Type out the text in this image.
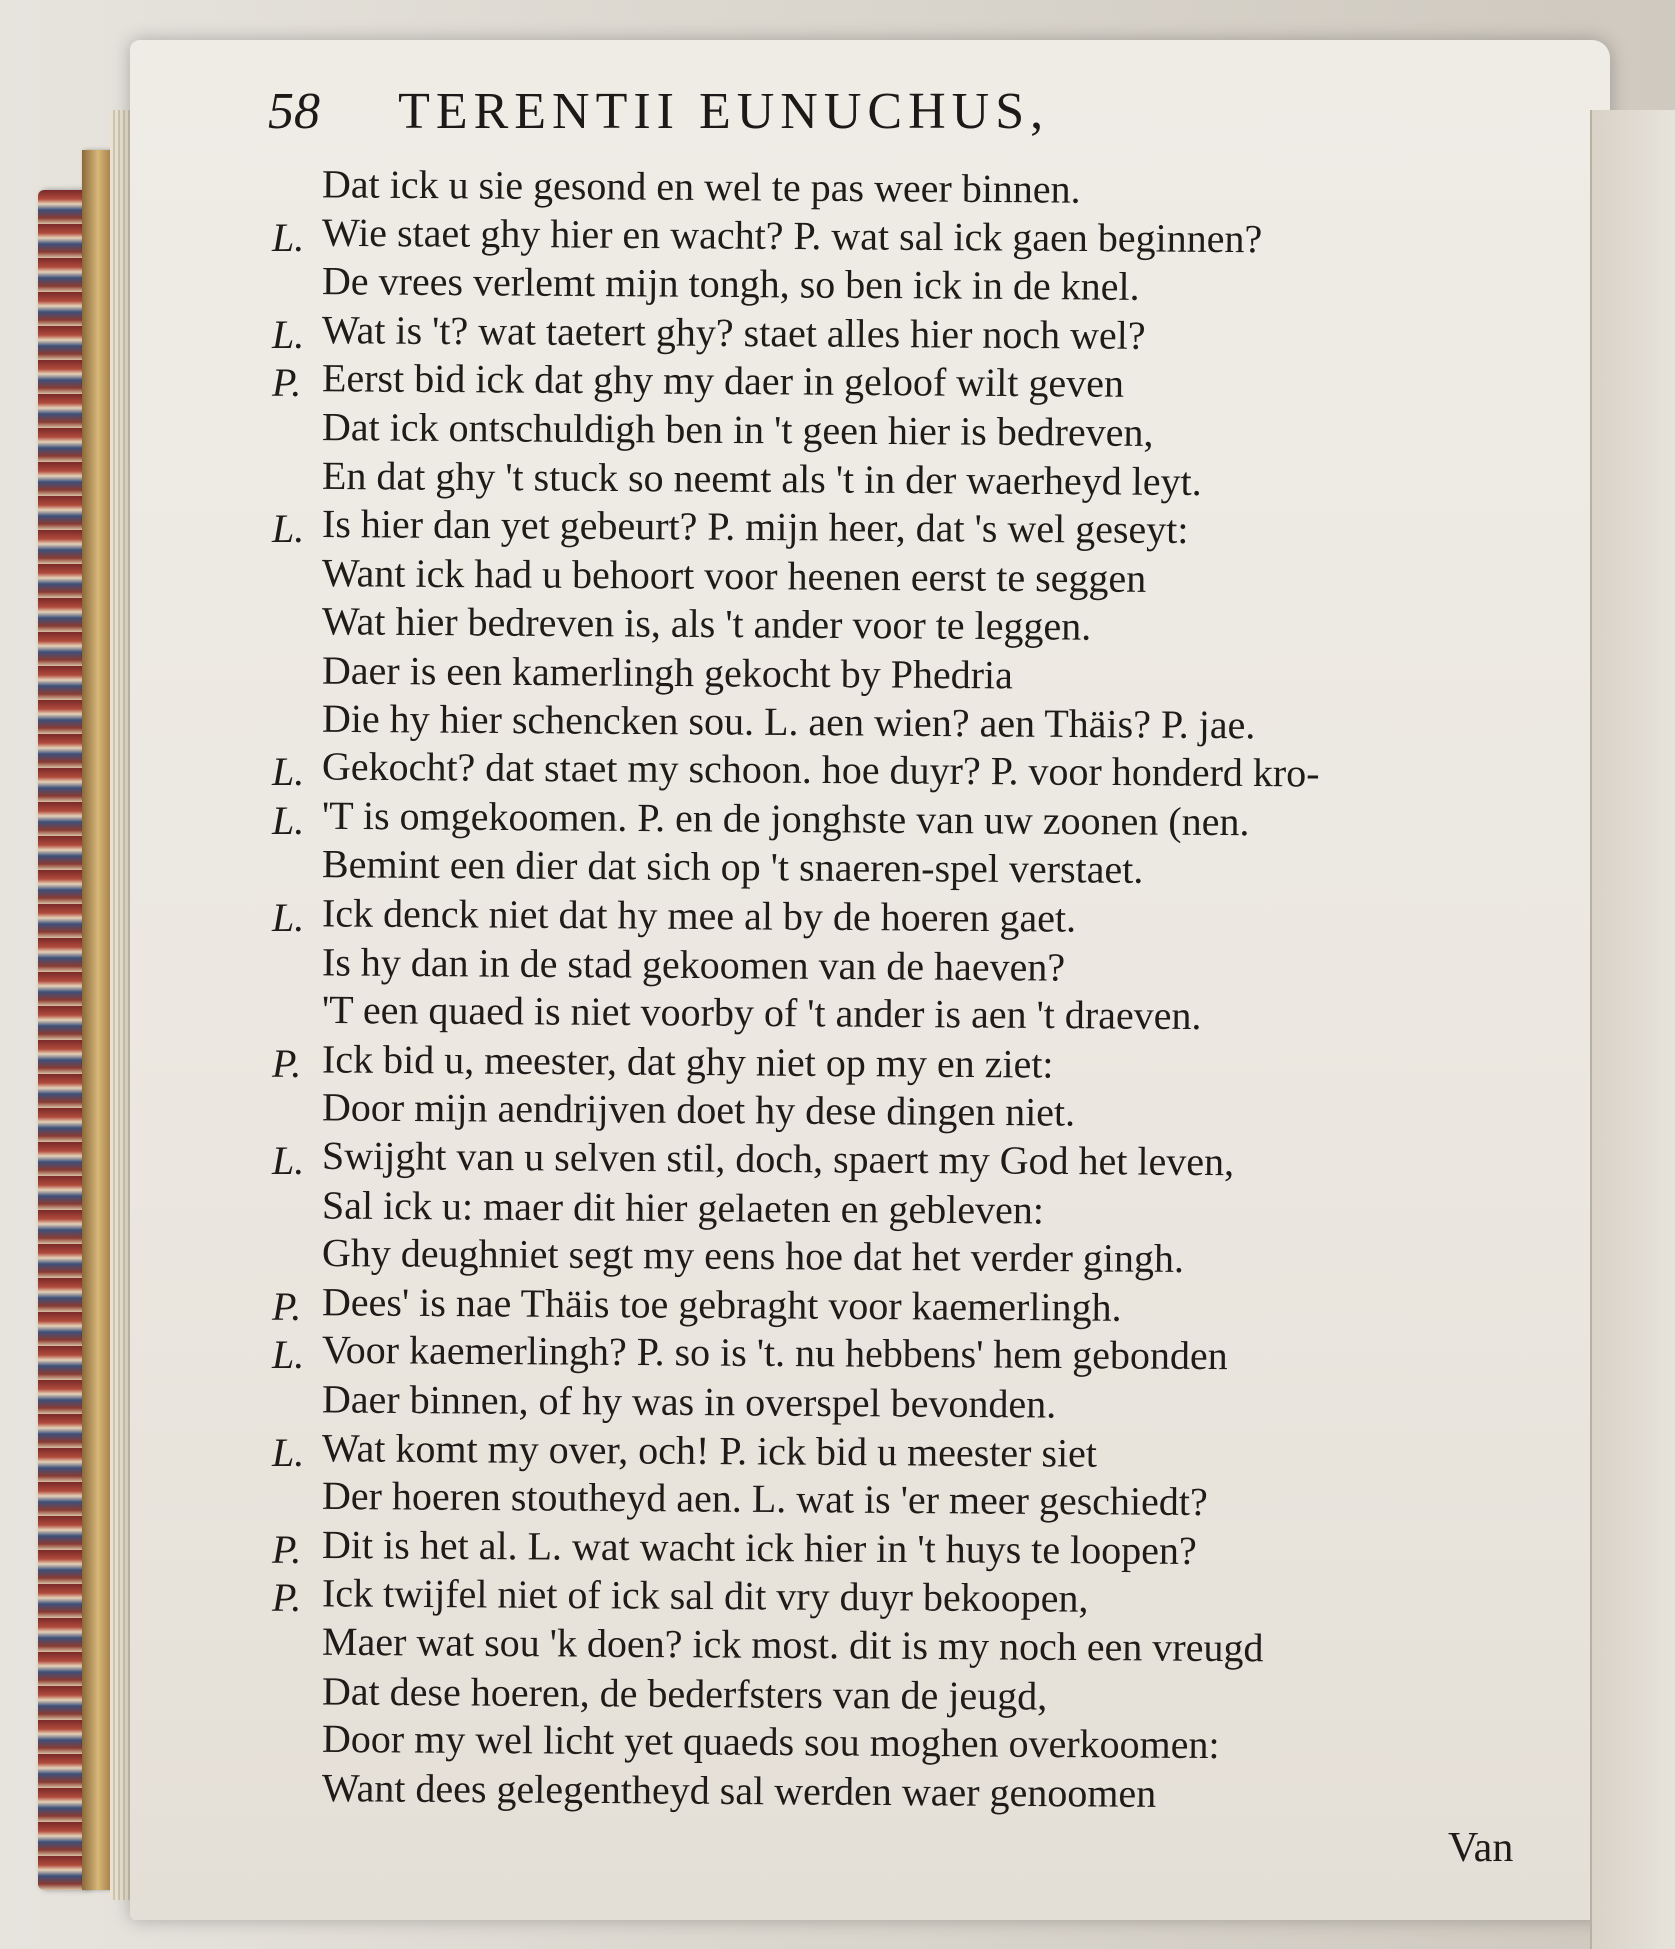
58 TERENTII EUNUCHUS,
Dat ick u sie gesond en wel te pas weer binnen.
L. Wie staet ghy hier en wacht? P. wat sal ick gaen beginnen?
De vrees verlemt mijn tongh, so ben ick in de knel.
L. Wat is 't? wat taetert ghy? staet alles hier noch wel?
P. Eerst bid ick dat ghy my daer in geloof wilt geven
Dat ick ontschuldigh ben in 't geen hier is bedreven,
En dat ghy 't stuck so neemt als 't in der waerheyd leyt.
L. Is hier dan yet gebeurt? P. mijn heer, dat 's wel geseyt:
Want ick had u behoort voor heenen eerst te seggen
Wat hier bedreven is, als 't ander voor te leggen.
Daer is een kamerlingh gekocht by Phedria
Die hy hier schencken sou. L. aen wien? aen Thäis? P. jae.
L. Gekocht? dat staet my schoon. hoe duyr? P. voor honderd kro-
L. 'T is omgekoomen. P. en de jonghste van uw zoonen (nen.
Bemint een dier dat sich op 't snaeren-spel verstaet.
L. Ick denck niet dat hy mee al by de hoeren gaet.
Is hy dan in de stad gekoomen van de haeven?
'T een quaed is niet voorby of 't ander is aen 't draeven.
P. Ick bid u, meester, dat ghy niet op my en ziet:
Door mijn aendrijven doet hy dese dingen niet.
L. Swijght van u selven stil, doch, spaert my God het leven,
Sal ick u: maer dit hier gelaeten en gebleven:
Ghy deughniet segt my eens hoe dat het verder gingh.
P. Dees' is nae Thäis toe gebraght voor kaemerlingh.
L. Voor kaemerlingh? P. so is 't. nu hebbens' hem gebonden
Daer binnen, of hy was in overspel bevonden.
L. Wat komt my over, och! P. ick bid u meester siet
Der hoeren stoutheyd aen. L. wat is 'er meer geschiedt?
P. Dit is het al. L. wat wacht ick hier in 't huys te loopen?
P. Ick twijfel niet of ick sal dit vry duyr bekoopen,
Maer wat sou 'k doen? ick most. dit is my noch een vreugd
Dat dese hoeren, de bederfsters van de jeugd,
Door my wel licht yet quaeds sou moghen overkoomen:
Want dees gelegentheyd sal werden waer genoomen
Van
